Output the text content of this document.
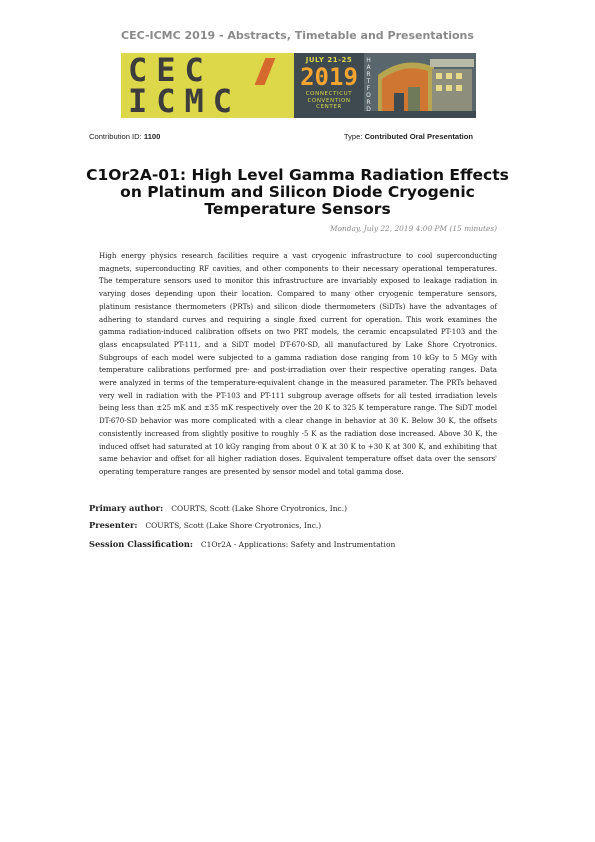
CEC-ICMC 2019 - Abstracts, Timetable and Presentations
CEC
ICMC
JULY 21-25
2019
CONNECTICUT
CONVENTION
CENTER
H
A
R
T
F
O
R
D
Contribution ID: 1100	Type: Contributed Oral Presentation
C1Or2A-01: High Level Gamma Radiation Effects on Platinum and Silicon Diode Cryogenic Temperature Sensors
Monday, July 22, 2019 4:00 PM (15 minutes)

High energy physics research facilities require a vast cryogenic infrastructure to cool superconducting magnets, superconducting RF cavities, and other components to their necessary operational temperatures. The temperature sensors used to monitor this infrastructure are invariably exposed to leakage radiation in varying doses depending upon their location. Compared to many other cryogenic temperature sensors, platinum resistance thermometers (PRTs) and silicon diode thermometers (SiDTs) have the advantages of adhering to standard curves and requiring a single fixed current for operation. This work examines the gamma radiation-induced calibration offsets on two PRT models, the ceramic encapsulated PT-103 and the glass encapsulated PT-111, and a SiDT model DT-670-SD, all manufactured by Lake Shore Cryotronics. Subgroups of each model were subjected to a gamma radiation dose ranging from 10 kGy to 5 MGy with temperature calibrations performed pre- and post-irradiation over their respective operating ranges. Data were analyzed in terms of the temperature-equivalent change in the measured parameter. The PRTs behaved very well in radiation with the PT-103 and PT-111 subgroup average offsets for all tested irradiation levels being less than ±25 mK and ±35 mK respectively over the 20 K to 325 K temperature range. The SiDT model DT-670-SD behavior was more complicated with a clear change in behavior at 30 K. Below 30 K, the offsets consistently increased from slightly positive to roughly -5 K as the radiation dose increased. Above 30 K, the induced offset had saturated at 10 kGy ranging from about 0 K at 30 K to +30 K at 300 K, and exhibiting that same behavior and offset for all higher radiation doses. Equivalent temperature offset data over the sensors' operating temperature ranges are presented by sensor model and total gamma dose.

Primary author: COURTS, Scott (Lake Shore Cryotronics, Inc.)
Presenter: COURTS, Scott (Lake Shore Cryotronics, Inc.)
Session Classification: C1Or2A - Applications: Safety and Instrumentation
